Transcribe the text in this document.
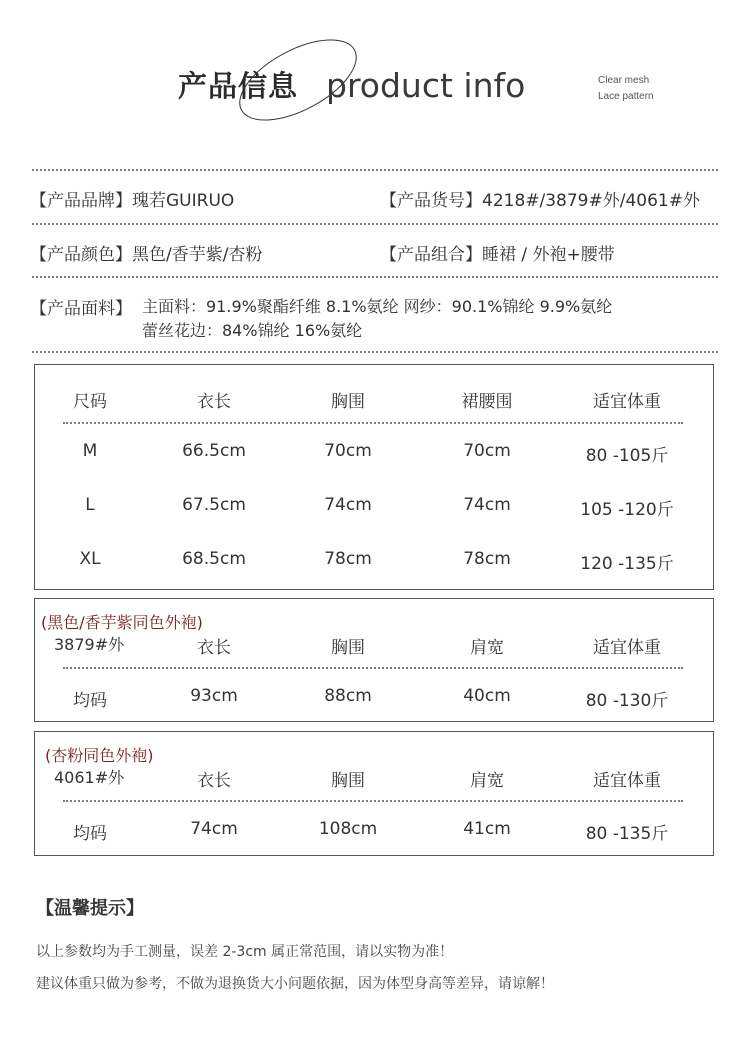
产品信息 product info	Clear mesh
Lace pattern
【产品品牌】瑰若GUIRUO	【产品货号】4218#/3879#外/4061#外
【产品颜色】黑色/香芋紫/杏粉	【产品组合】睡裙 / 外袍+腰带
【产品面料】 主面料：91.9%聚酯纤维 8.1%氨纶 网纱：90.1%锦纶 9.9%氨纶
蕾丝花边：84%锦纶 16%氨纶
尺码	衣长	胸围	裙腰围	适宜体重
M	66.5cm	70cm	70cm	80 -105斤
L	67.5cm	74cm	74cm	105 -120斤
XL	68.5cm	78cm	78cm	120 -135斤
(黑色/香芋紫同色外袍)
3879#外	衣长	胸围	肩宽	适宜体重
均码	93cm	88cm	40cm	80 -130斤
(杏粉同色外袍)
4061#外	衣长	胸围	肩宽	适宜体重
均码	74cm	108cm	41cm	80 -135斤
【温馨提示】
以上参数均为手工测量，误差 2-3cm 属正常范围，请以实物为准！
建议体重只做为参考，不做为退换货大小问题依据，因为体型身高等差异，请谅解！
